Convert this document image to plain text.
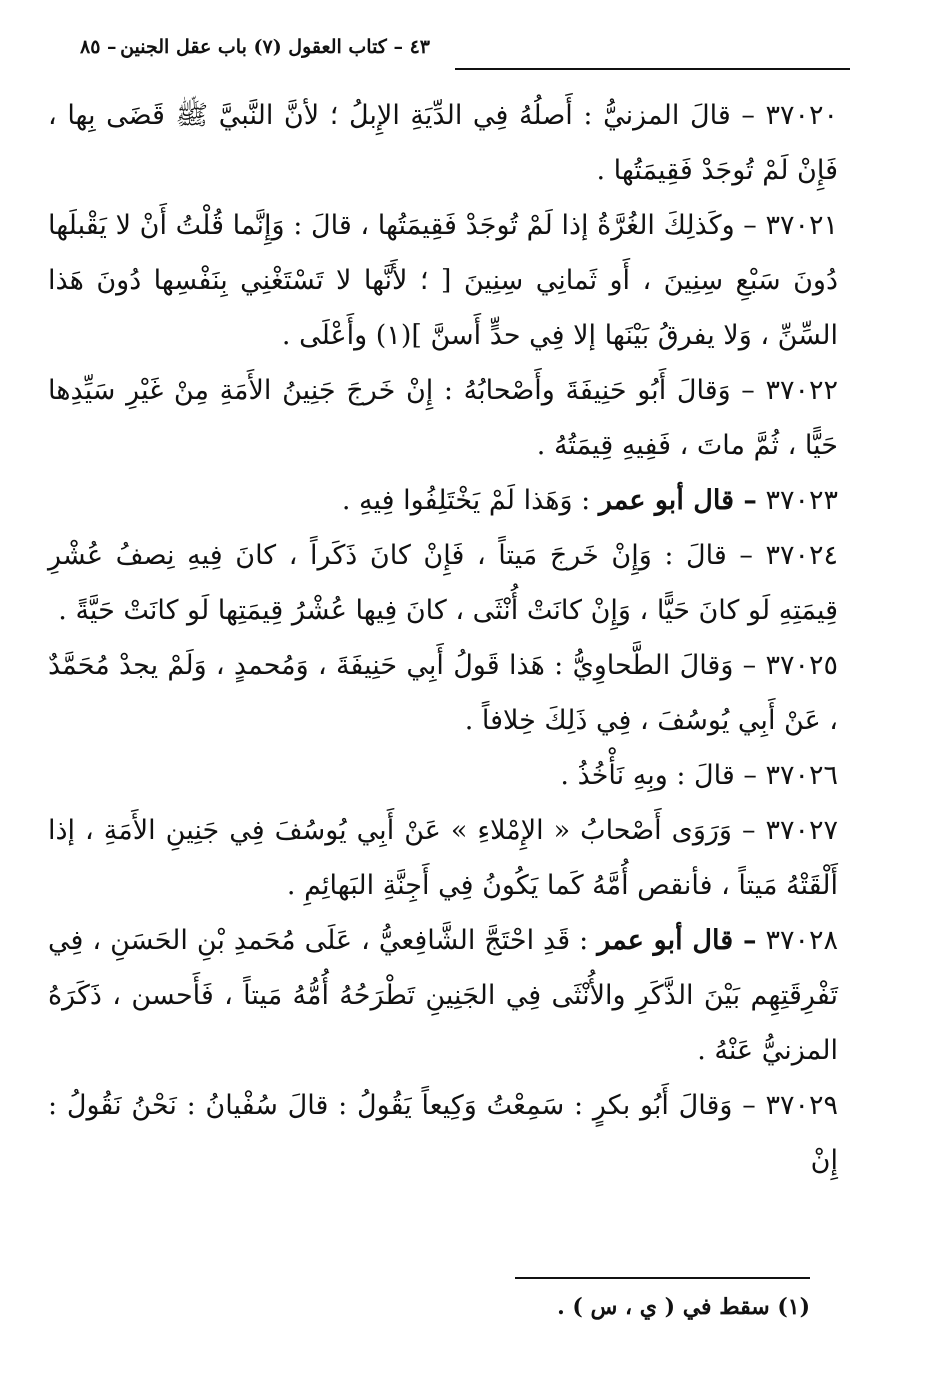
٤٣ – كتاب العقول (٧) باب عقل الجنين
– ٨٥

٣٧٠٢٠ – قالَ المزنيُّ : أَصلُهُ فِي الدِّيَةِ الإِبلُ ؛ لأنَّ النَّبيَّ ﷺ قَضَى بِها ، فَإِنْ لَمْ تُوجَدْ فَقِيمَتُها .

٣٧٠٢١ – وكَذلِكَ الغُرَّةُ إذا لَمْ تُوجَدْ فَقِيمَتُها ، قالَ : وَإِنَّما قُلْتُ أَنْ لا يَقْبلَها دُونَ سَبْعِ سِنِينَ ، أَو ثَمانِي سِنِينَ [ ؛ لأَنَّها لا تَسْتَغْنِي بِنَفْسِها دُونَ هَذا السِّنِّ ، وَلا يفرقُ بَيْنَها إلا فِي حدٍّ أَسنَّ ](١) وأَعْلَى .

٣٧٠٢٢ – وَقالَ أَبُو حَنِيفَةَ وأَصْحابُهُ : إِنْ خَرجَ جَنِينُ الأَمَةِ مِنْ غَيْرِ سَيِّدِها حَيًّا ، ثُمَّ ماتَ ، فَفِيهِ قِيمَتُهُ .

٣٧٠٢٣ – قال أبو عمر : وَهَذا لَمْ يَخْتَلِفُوا فِيهِ .

٣٧٠٢٤ – قالَ : وَإِنْ خَرجَ مَيتاً ، فَإِنْ كانَ ذَكَراً ، كانَ فِيهِ نِصفُ عُشْرِ قِيمَتِهِ لَو كانَ حَيًّا ، وَإِنْ كانَتْ أُنْثَى ، كانَ فِيها عُشْرُ قِيمَتِها لَو كانَتْ حَيَّةً .

٣٧٠٢٥ – وَقالَ الطَّحاوِيُّ : هَذا قَولُ أَبِي حَنِيفَةَ ، وَمُحمدٍ ، وَلَمْ يجدْ مُحَمَّدٌ ، عَنْ أَبِي يُوسُفَ ، فِي ذَلِكَ خِلافاً .

٣٧٠٢٦ – قالَ : وبِهِ نَأْخُذُ .

٣٧٠٢٧ – وَرَوَى أَصْحابُ « الإِمْلاءِ » عَنْ أَبِي يُوسُفَ فِي جَنِينِ الأَمَةِ ، إذا أَلْقَتْهُ مَيتاً ، فأنقص أُمَّهُ كَما يَكُونُ فِي أَجِنَّةِ البَهائِمِ .

٣٧٠٢٨ – قال أبو عمر : قَدِ احْتَجَّ الشَّافِعيُّ ، عَلَى مُحَمدِ بْنِ الحَسَنِ ، فِي تَفْرِقَتِهِم بَيْنَ الذَّكَرِ والأُنْثَى فِي الجَنِينِ تَطْرَحُهُ أُمُّهُ مَيتاً ، فَأَحسن ، ذَكَرَهُ المزنيُّ عَنْهُ .

٣٧٠٢٩ – وَقالَ أَبُو بكرٍ : سَمِعْتُ وَكِيعاً يَقُولُ : قالَ سُفْيانُ : نَحْنُ نَقُولُ : إِنْ

(١) سقط في ( ي ، س ) .
